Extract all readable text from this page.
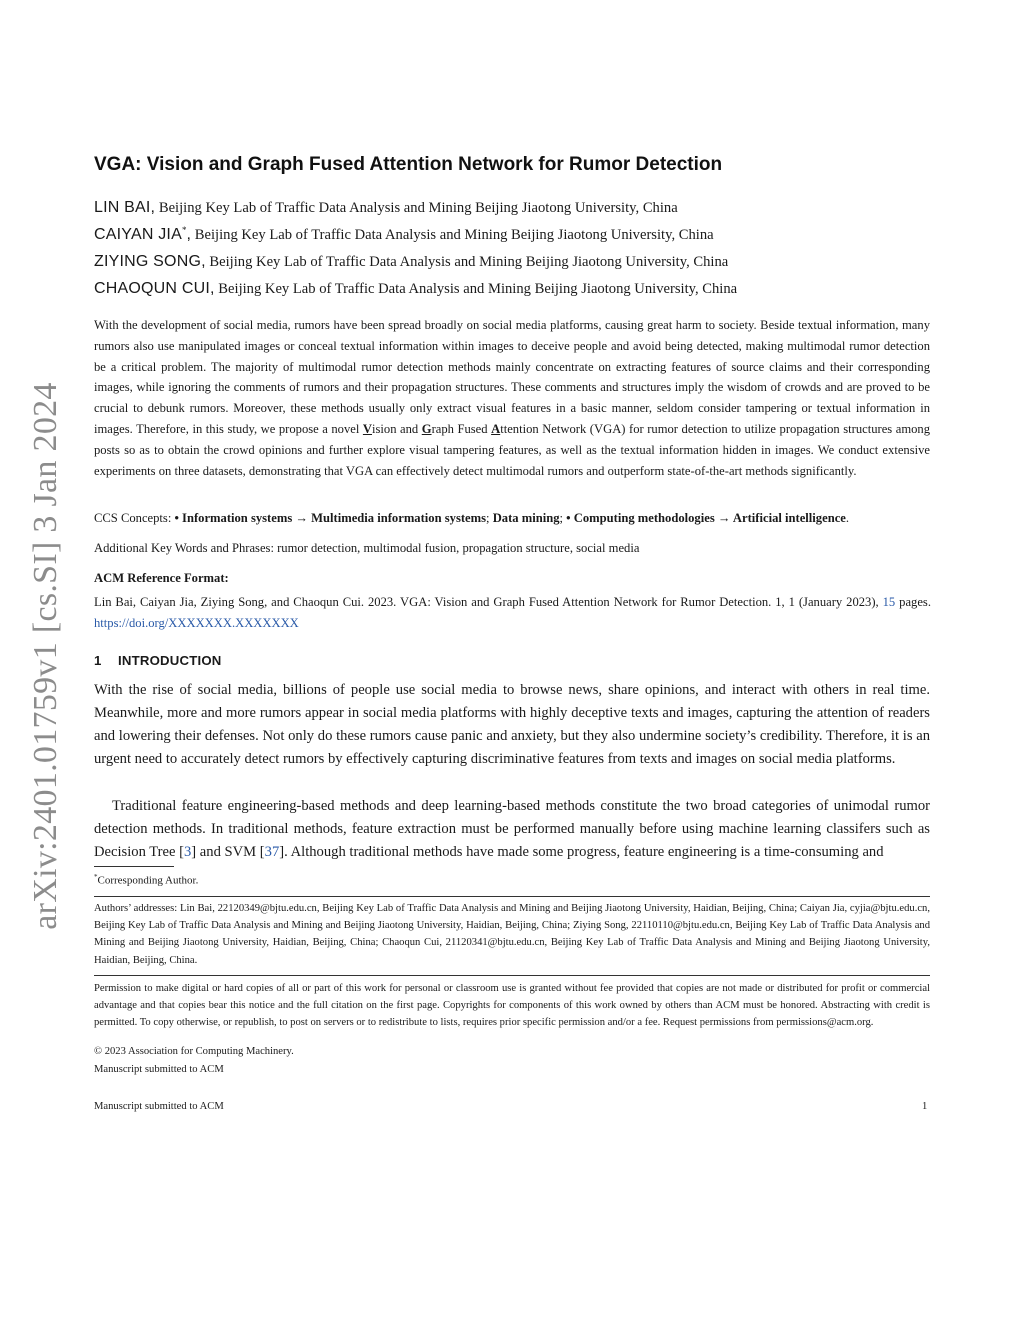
arXiv:2401.01759v1 [cs.SI] 3 Jan 2024
VGA: Vision and Graph Fused Attention Network for Rumor Detection
LIN BAI, Beijing Key Lab of Traffic Data Analysis and Mining Beijing Jiaotong University, China
CAIYAN JIA*, Beijing Key Lab of Traffic Data Analysis and Mining Beijing Jiaotong University, China
ZIYING SONG, Beijing Key Lab of Traffic Data Analysis and Mining Beijing Jiaotong University, China
CHAOQUN CUI, Beijing Key Lab of Traffic Data Analysis and Mining Beijing Jiaotong University, China
With the development of social media, rumors have been spread broadly on social media platforms, causing great harm to society. Beside textual information, many rumors also use manipulated images or conceal textual information within images to deceive people and avoid being detected, making multimodal rumor detection be a critical problem. The majority of multimodal rumor detection methods mainly concentrate on extracting features of source claims and their corresponding images, while ignoring the comments of rumors and their propagation structures. These comments and structures imply the wisdom of crowds and are proved to be crucial to debunk rumors. Moreover, these methods usually only extract visual features in a basic manner, seldom consider tampering or textual information in images. Therefore, in this study, we propose a novel Vision and Graph Fused Attention Network (VGA) for rumor detection to utilize propagation structures among posts so as to obtain the crowd opinions and further explore visual tampering features, as well as the textual information hidden in images. We conduct extensive experiments on three datasets, demonstrating that VGA can effectively detect multimodal rumors and outperform state-of-the-art methods significantly.
CCS Concepts: • Information systems → Multimedia information systems; Data mining; • Computing methodologies → Artificial intelligence.
Additional Key Words and Phrases: rumor detection, multimodal fusion, propagation structure, social media
ACM Reference Format:
Lin Bai, Caiyan Jia, Ziying Song, and Chaoqun Cui. 2023. VGA: Vision and Graph Fused Attention Network for Rumor Detection. 1, 1 (January 2023), 15 pages. https://doi.org/XXXXXXX.XXXXXXX
1 INTRODUCTION
With the rise of social media, billions of people use social media to browse news, share opinions, and interact with others in real time. Meanwhile, more and more rumors appear in social media platforms with highly deceptive texts and images, capturing the attention of readers and lowering their defenses. Not only do these rumors cause panic and anxiety, but they also undermine society’s credibility. Therefore, it is an urgent need to accurately detect rumors by effectively capturing discriminative features from texts and images on social media platforms.
Traditional feature engineering-based methods and deep learning-based methods constitute the two broad categories of unimodal rumor detection methods. In traditional methods, feature extraction must be performed manually before using machine learning classifers such as Decision Tree [3] and SVM [37]. Although traditional methods have made some progress, feature engineering is a time-consuming and
*Corresponding Author.
Authors’ addresses: Lin Bai, 22120349@bjtu.edu.cn, Beijing Key Lab of Traffic Data Analysis and Mining and Beijing Jiaotong University, Haidian, Beijing, China; Caiyan Jia, cyjia@bjtu.edu.cn, Beijing Key Lab of Traffic Data Analysis and Mining and Beijing Jiaotong University, Haidian, Beijing, China; Ziying Song, 22110110@bjtu.edu.cn, Beijing Key Lab of Traffic Data Analysis and Mining and Beijing Jiaotong University, Haidian, Beijing, China; Chaoqun Cui, 21120341@bjtu.edu.cn, Beijing Key Lab of Traffic Data Analysis and Mining and Beijing Jiaotong University, Haidian, Beijing, China.
Permission to make digital or hard copies of all or part of this work for personal or classroom use is granted without fee provided that copies are not made or distributed for profit or commercial advantage and that copies bear this notice and the full citation on the first page. Copyrights for components of this work owned by others than ACM must be honored. Abstracting with credit is permitted. To copy otherwise, or republish, to post on servers or to redistribute to lists, requires prior specific permission and/or a fee. Request permissions from permissions@acm.org.
© 2023 Association for Computing Machinery.
Manuscript submitted to ACM
Manuscript submitted to ACM	1
